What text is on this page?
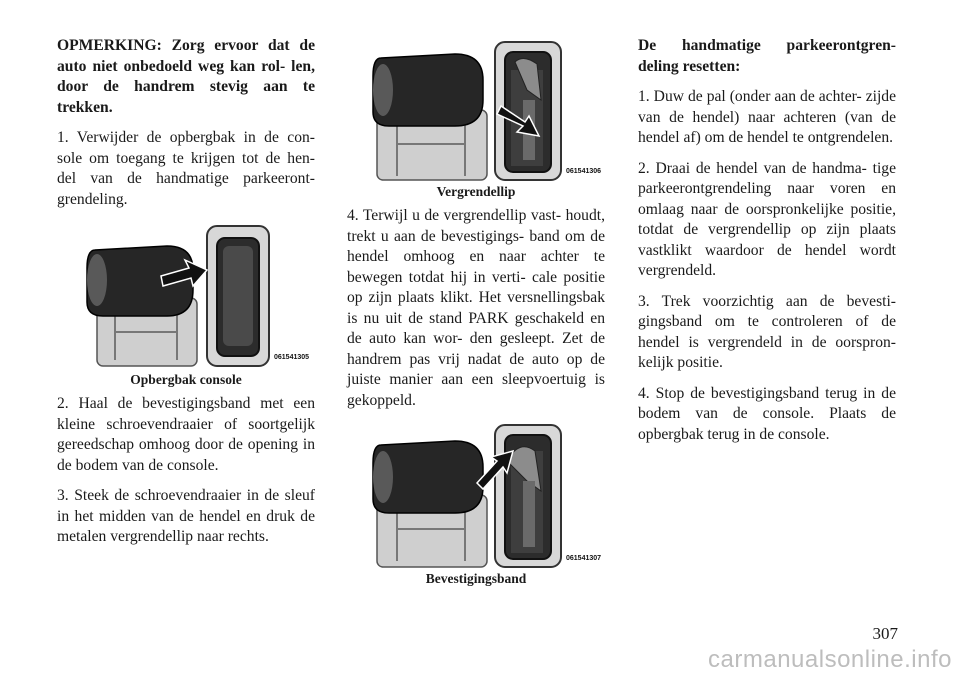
OPMERKING: Zorg ervoor dat de auto niet onbedoeld weg kan rol- len, door de handrem stevig aan te trekken.

1. Verwijder de opbergbak in de con- sole om toegang te krijgen tot de hen- del van de handmatige parkeeront- grendeling.

061541305
Opbergbak console

2. Haal de bevestigingsband met een kleine schroevendraaier of soortgelijk gereedschap omhoog door de opening in de bodem van de console.

3. Steek de schroevendraaier in de sleuf in het midden van de hendel en druk de metalen vergrendellip naar rechts.

061541306
Vergrendellip

4. Terwijl u de vergrendellip vast- houdt, trekt u aan de bevestigings- band om de hendel omhoog en naar achter te bewegen totdat hij in verti- cale positie op zijn plaats klikt. Het versnellingsbak is nu uit de stand PARK geschakeld en de auto kan wor- den gesleept. Zet de handrem pas vrij nadat de auto op de juiste manier aan een sleepvoertuig is gekoppeld.

061541307
Bevestigingsband

De handmatige parkeerontgren- deling resetten:

1. Duw de pal (onder aan de achter- zijde van de hendel) naar achteren (van de hendel af) om de hendel te ontgrendelen.

2. Draai de hendel van de handma- tige parkeerontgrendeling naar voren en omlaag naar de oorspronkelijke positie, totdat de vergrendellip op zijn plaats vastklikt waardoor de hendel wordt vergrendeld.

3. Trek voorzichtig aan de bevesti- gingsband om te controleren of de hendel is vergrendeld in de oorspron- kelijk positie.

4. Stop de bevestigingsband terug in de bodem van de console. Plaats de opbergbak terug in de console.

307
carmanualsonline.info
